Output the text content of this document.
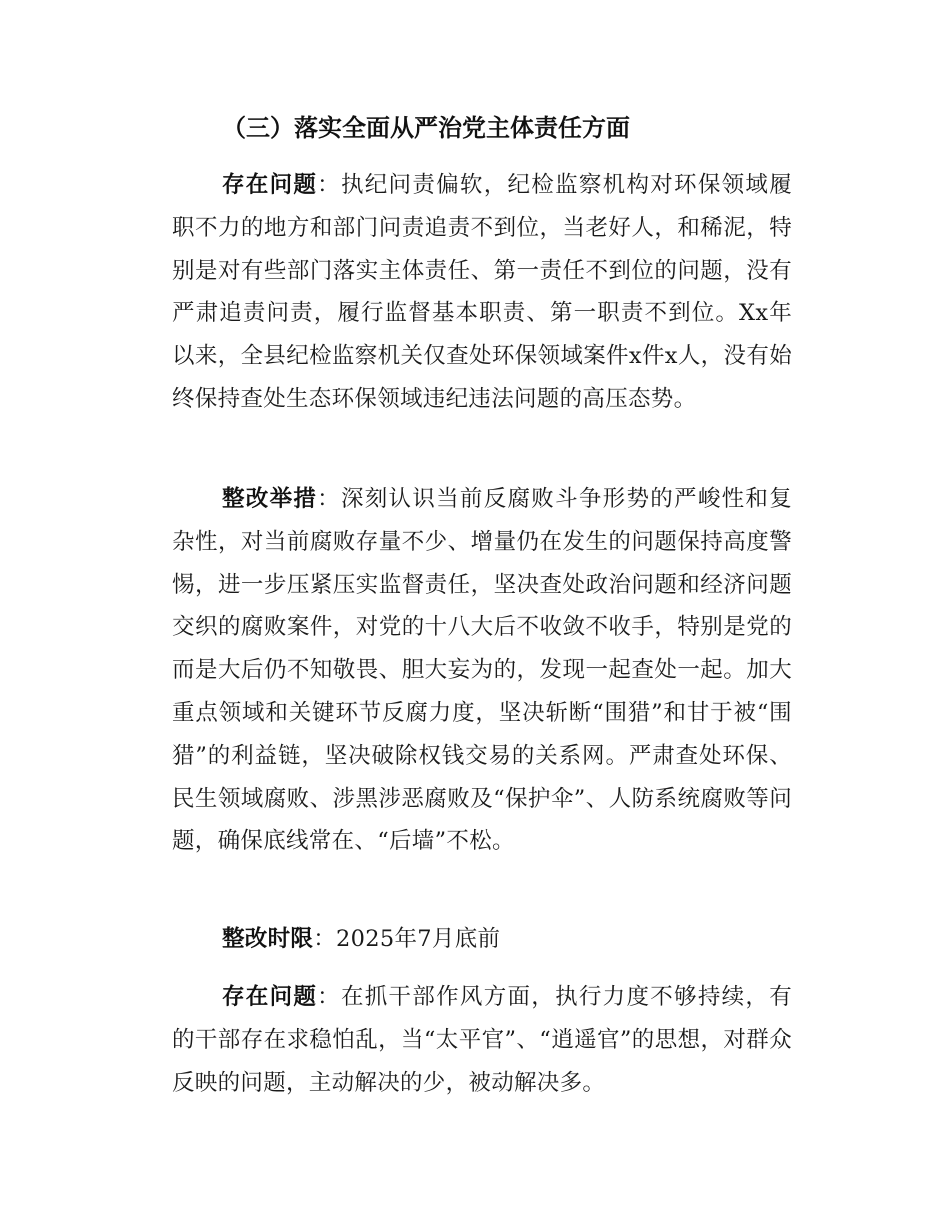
（三）落实全面从严治党主体责任方面

存在问题：执纪问责偏软，纪检监察机构对环保领域履职不力的地方和部门问责追责不到位，当老好人，和稀泥，特别是对有些部门落实主体责任、第一责任不到位的问题，没有严肃追责问责，履行监督基本职责、第一职责不到位。Xx年以来，全县纪检监察机关仅查处环保领域案件x件x人，没有始终保持查处生态环保领域违纪违法问题的高压态势。

整改举措：深刻认识当前反腐败斗争形势的严峻性和复杂性，对当前腐败存量不少、增量仍在发生的问题保持高度警惕，进一步压紧压实监督责任，坚决查处政治问题和经济问题交织的腐败案件，对党的十八大后不收敛不收手，特别是党的而是大后仍不知敬畏、胆大妄为的，发现一起查处一起。加大重点领域和关键环节反腐力度，坚决斩断“围猎”和甘于被“围猎”的利益链，坚决破除权钱交易的关系网。严肃查处环保、民生领域腐败、涉黑涉恶腐败及“保护伞”、人防系统腐败等问题，确保底线常在、“后墙”不松。

整改时限：2025年7月底前

存在问题：在抓干部作风方面，执行力度不够持续，有的干部存在求稳怕乱，当“太平官”、“逍遥官”的思想，对群众反映的问题，主动解决的少，被动解决多。
